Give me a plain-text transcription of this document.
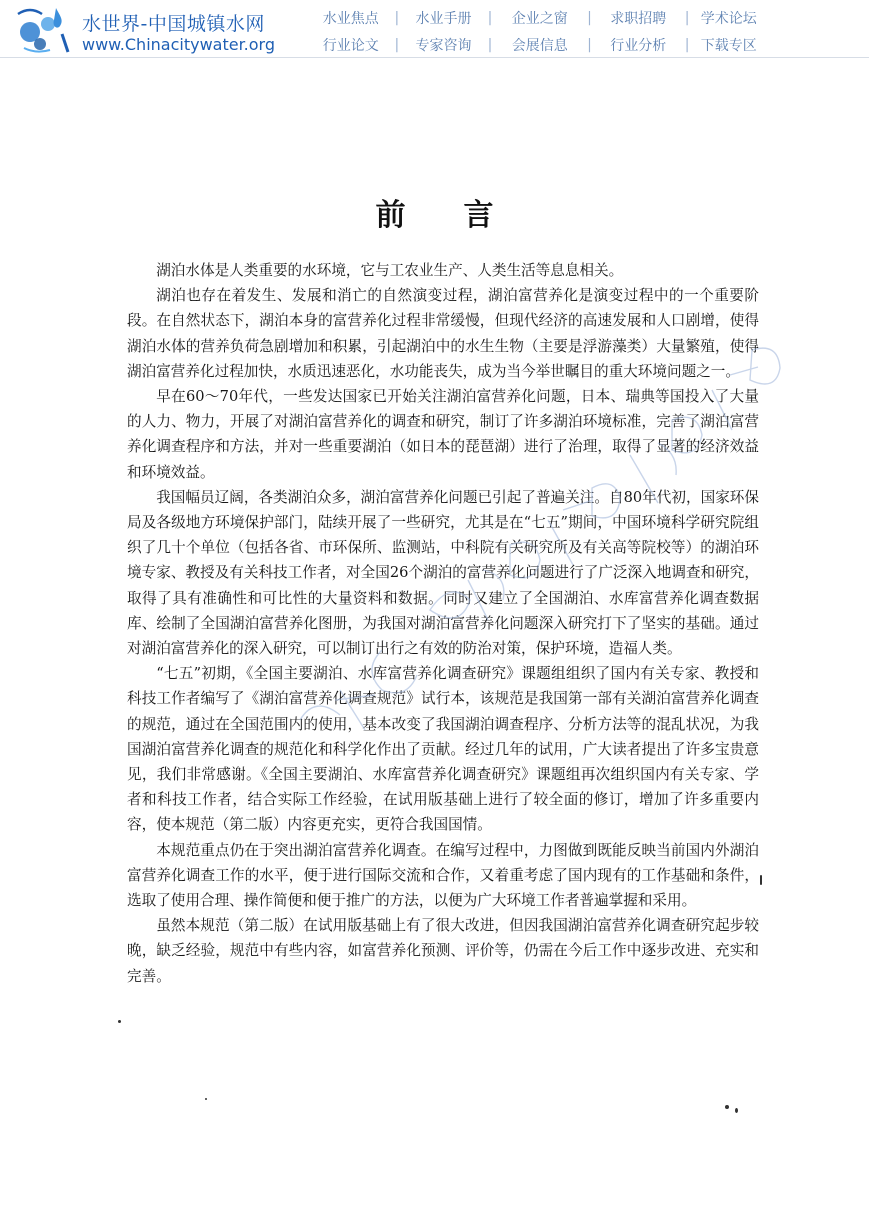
水世界-中国城镇水网
www.Chinacitywater.org
水业焦点	|	水业手册	|	企业之窗	|	求职招聘	| 学术论坛
行业论文	|	专家咨询	|	会展信息	|	行业分析	| 下载专区
前言

湖泊水体是人类重要的水环境，它与工农业生产、人类生活等息息相关。

湖泊也存在着发生、发展和消亡的自然演变过程，湖泊富营养化是演变过程中的一个重要阶段。在自然状态下，湖泊本身的富营养化过程非常缓慢，但现代经济的高速发展和人口剧增，使得湖泊水体的营养负荷急剧增加和积累，引起湖泊中的水生生物（主要是浮游藻类）大量繁殖，使得湖泊富营养化过程加快，水质迅速恶化，水功能丧失，成为当今举世瞩目的重大环境问题之一。

早在60～70年代，一些发达国家已开始关注湖泊富营养化问题，日本、瑞典等国投入了大量的人力、物力，开展了对湖泊富营养化的调查和研究，制订了许多湖泊环境标准，完善了湖泊富营养化调查程序和方法，并对一些重要湖泊（如日本的琵琶湖）进行了治理，取得了显著的经济效益和环境效益。

我国幅员辽阔，各类湖泊众多，湖泊富营养化问题已引起了普遍关注。自80年代初，国家环保局及各级地方环境保护部门，陆续开展了一些研究，尤其是在“七五”期间，中国环境科学研究院组织了几十个单位（包括各省、市环保所、监测站，中科院有关研究所及有关高等院校等）的湖泊环境专家、教授及有关科技工作者，对全国26个湖泊的富营养化问题进行了广泛深入地调查和研究，取得了具有准确性和可比性的大量资料和数据。同时又建立了全国湖泊、水库富营养化调查数据库、绘制了全国湖泊富营养化图册，为我国对湖泊富营养化问题深入研究打下了坚实的基础。通过对湖泊富营养化的深入研究，可以制订出行之有效的防治对策，保护环境，造福人类。

“七五”初期，《全国主要湖泊、水库富营养化调查研究》课题组组织了国内有关专家、教授和科技工作者编写了《湖泊富营养化调查规范》试行本，该规范是我国第一部有关湖泊富营养化调查的规范，通过在全国范围内的使用，基本改变了我国湖泊调查程序、分析方法等的混乱状况，为我国湖泊富营养化调查的规范化和科学化作出了贡献。经过几年的试用，广大读者提出了许多宝贵意见，我们非常感谢。《全国主要湖泊、水库富营养化调查研究》课题组再次组织国内有关专家、学者和科技工作者，结合实际工作经验，在试用版基础上进行了较全面的修订，增加了许多重要内容，使本规范（第二版）内容更充实，更符合我国国情。

本规范重点仍在于突出湖泊富营养化调查。在编写过程中，力图做到既能反映当前国内外湖泊富营养化调查工作的水平，便于进行国际交流和合作，又着重考虑了国内现有的工作基础和条件，选取了使用合理、操作简便和便于推广的方法，以便为广大环境工作者普遍掌握和采用。

虽然本规范（第二版）在试用版基础上有了很大改进，但因我国湖泊富营养化调查研究起步较晚，缺乏经验，规范中有些内容，如富营养化预测、评价等，仍需在今后工作中逐步改进、充实和完善。
